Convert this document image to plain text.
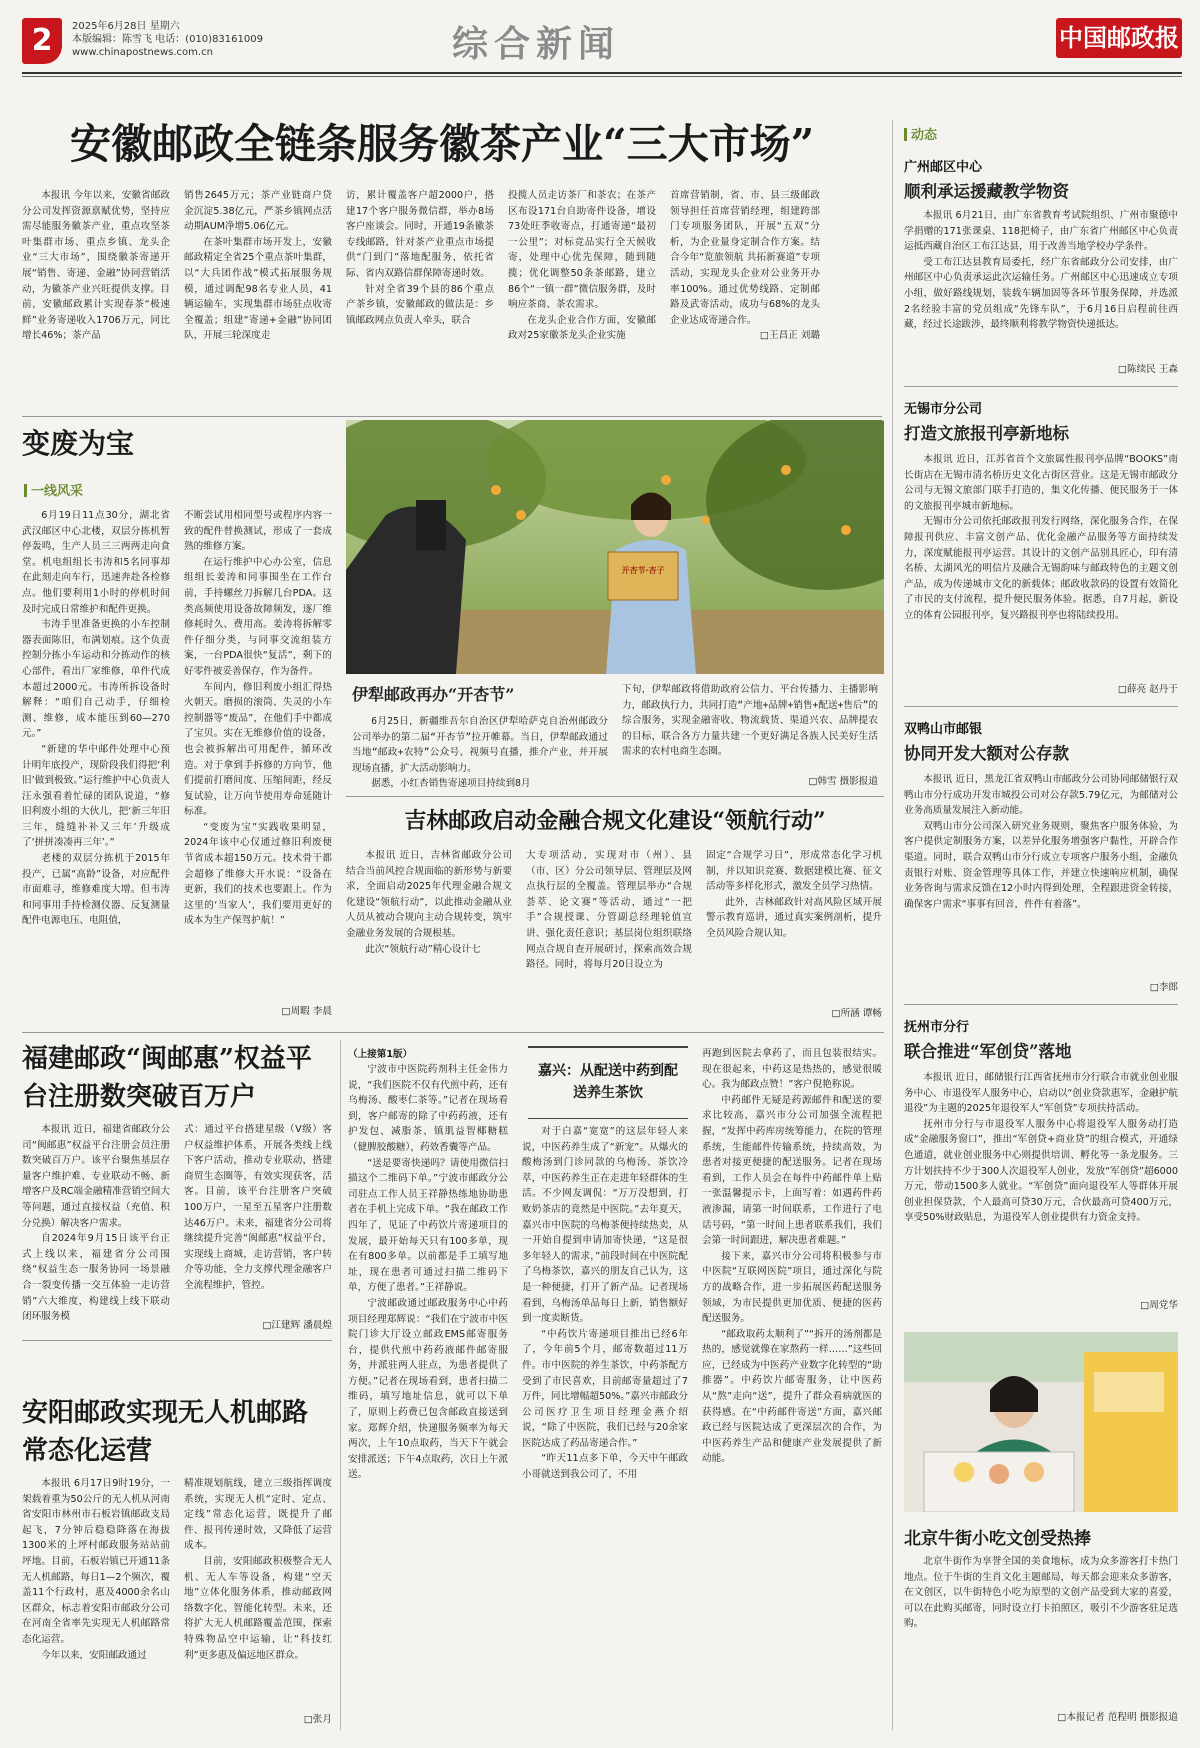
2	2025年6月28日 星期六
本版编辑：陈雪飞 电话：(010)83161009
www.chinapostnews.com.cn	综合新闻	中国邮政报
安徽邮政全链条服务徽茶产业“三大市场”

本报讯 今年以来，安徽省邮政分公司发挥资源禀赋优势，坚持应需尽能服务徽茶产业，重点攻坚茶叶集群市场、重点乡镇、龙头企业“三大市场”，围绕徽茶寄递开展“销售、寄递、金融”协同营销活动，为徽茶产业兴旺提供支撑。目前，安徽邮政累计实现春茶“极速鲜”业务寄递收入1706万元，同比增长46%；茶产品

销售2645万元；茶产业链商户贷金沉淀5.38亿元，严茶乡镇网点活动期AUM净增5.06亿元。

在茶叶集群市场开发上，安徽邮政精定全省25个重点茶叶集群，以“大兵团作战”模式拓展服务规模，通过调配98名专业人员，41辆运输车，实现集群市场驻点收寄全覆盖；组建“寄递+金融”协同团队，开展三轮深度走

访，累计覆盖客户超2000户，搭建17个客户服务微信群，举办8场客户座谈会。同时，开通19条徽茶专线邮路，针对茶产业重点市场提供“门到门”落地配服务，依托省际、省内双路信群保障寄递时效。

针对全省39个县的86个重点产茶乡镇，安徽邮政的做法是：乡镇邮政网点负责人牵头，联合

投揽人员走访茶厂和茶农；在茶产区布设171台自助寄件设备，增设73处旺季收寄点，打通寄递“最初一公里”；对标竞品实行全天候收寄，处理中心优先保障，随到随揽；优化调整50条茶邮路，建立86个“一镇一群”微信服务群，及时响应茶商、茶农需求。

在龙头企业合作方面，安徽邮政对25家徽茶龙头企业实施

首席营销制，省、市、县三级邮政领导担任首席营销经理，组建跨部门专项服务团队，开展“五双”分析，为企业量身定制合作方案。结合今年“览旅领航 共拓新赛道”专项活动，实现龙头企业对公业务开办率100%。通过优势线路、定制邮路及武寄活动，成功与68%的龙头企业达成寄递合作。

□王昌正 刘璐
变废为宝
一线风采

6月19日11点30分，湖北省武汉邮区中心北楼，双层分拣机暂停轰鸣，生产人员三三两两走向食堂。机电组组长韦涛和5名同事却在此刻走向车行，迅速奔赴各检修点。他们要利用1小时的停机时间及时完成日常维护和配件更换。

韦涛手里准备更换的小车控制器表面陈旧，布满划痕。这个负责控制分拣小车运动和分拣动作的核心部件，看出厂家维修，单件代成本超过2000元。韦涛所拆设备时解释：“咱们自己动手，仔细检测、维修，成本能压到60—270元。”

“新建的华中邮件处理中心预计明年底投产，现阶段我们得把‘利旧’做到极致。”运行维护中心负责人汪永强看着忙碌的团队说道，“修旧利废小组的大伙儿，把‘新三年旧三年，缝缝补补又三年’升级成了‘拼拼凑凑再三年’。”

老楼的双层分拣机于2015年投产，已属“高龄”设备，对应配件市面难寻，维修难度大增。但韦涛和同事用手持检测仪器、反复测量配件电源电压、电阻值，

不断尝试用相同型号或程序内容一致的配件替换测试，形成了一套成熟的维修方案。

在运行维护中心办公室，信息组组长姜涛和同事围坐在工作台前，手持螺丝刀拆解几台PDA。这类高频使用设备故障频发，逐厂维修耗时久、费用高。姜涛将拆解零件仔细分类，与同事交流组装方案，一台PDA很快“复活”，剩下的好零件被妥善保存，作为备件。

车间内，修旧利废小组汇得热火朝天。磨损的滚筒、失灵的小车控制器等“废品”，在他们手中都成了宝贝。实在无维修价值的设备，也会被拆解出可用配件，循环改造。对于拿到手拆修的方向节，他们提前打磨间度、压缩间距，经反复试验，让万向节使用寿命延随计标准。

“变废为宝”实践收果明显，2024年该中心仅通过修旧利废便节省成本超150万元。技术骨干都会超修了维修大开水说：“设备在更新，我们的技术也要跟上。作为这里的‘当家人’，我们要用更好的成本为生产保驾护航！”

□周暇 李晨
开杏节·杏子
伊犁邮政再办“开杏节”

6月25日，新疆维吾尔自治区伊犁哈萨克自治州邮政分公司举办的第二届“开杏节”拉开帷幕。当日，伊犁邮政通过当地“邮政+农特”公众号、视频号直播，推介产业，并开展现场直播，扩大活动影响力。

据悉，小红杏销售寄递项目持续到8月

下旬，伊犁邮政将借助政府公信力、平台传播力、主播影响力，邮政执行力，共同打造“产地+品牌+销售+配送+售后”的综合服务，实现金融寄收、物流载货、渠道兴农、品牌提农的目标，联合各方力量共建一个更好满足各族人民美好生活需求的农村电商生态圈。

□韩雪 摄影报道
吉林邮政启动金融合规文化建设“领航行动”

本报讯 近日，吉林省邮政分公司结合当前风控合规面临的新形势与新要求，全面启动2025年代理金融合规文化建设“领航行动”，以此推动金融从业人员从被动合规向主动合规转变，筑牢金融业务发展的合规根基。

此次“领航行动”精心设计七

大专项活动，实现对市（州）、县（市、区）分公司领导层、管理层及网点执行层的全覆盖。管理层举办“合规荟萃、论文赛”等活动，通过“一把手”合规授课、分管副总经理轮值宣讲、强化责任意识；基层岗位组织联络网点合规自查开展研讨，探索高效合规路径。同时，将每月20日设立为

固定“合规学习日”，形成常态化学习机制，并以知识竞赛、数据建模比赛、征文活动等多样化形式，激发全员学习热情。

此外，吉林邮政针对高风险区域开展警示教育巡讲，通过真实案例剖析，提升全员风险合规认知。

□所涵 谭畅
福建邮政“闽邮惠”权益平台注册数突破百万户

本报讯 近日，福建省邮政分公司“闽邮惠”权益平台注册会员注册数突破百万户。该平台聚焦基层存量客户维护难、专业联动不畅、新增客户及RC端金融精准营销空间大等问题，通过直接权益（充值、积分兑换）解决客户需求。

自2024年9月15日该平台正式上线以来，福建省分公司围绕“权益生态一服务协同一场景融合一裂变传播一交互体验一走访营销”六大维度，构建线上线下联动闭环服务模

式：通过平台搭建星级（V级）客户权益维护体系，开展各类线上线下客户活动，推动专业联动，搭建商贸生态圈等，有效实现获客，活客。目前，该平台注册客户突破100万户，一星至五星客户注册数达46万户。未来，福建省分公司将继续提升完善“闽邮惠”权益平台，实现线上商城，走访营销，客户转介等功能，全力支撑代理金融客户全流程维护，管控。

□江建辉 潘晨煌
安阳邮政实现无人机邮路常态化运营

本报讯 6月17日9时19分，一架载着重为50公斤的无人机从河南省安阳市林州市石板岩镇邮政支局起飞，7分钟后稳稳降落在海拔1300米的上坪村邮政服务站站前坪地。目前，石板岩镇已开通11条无人机邮路，每日1—2个频次，覆盖11个行政村，惠及4000余名山区群众，标志着安阳市邮政分公司在河南全省率先实现无人机邮路常态化运营。

今年以来，安阳邮政通过

精准规划航线，建立三级指挥调度系统，实现无人机“定时、定点、定线”常态化运营，既提升了邮件、报刊传递时效，又降低了运营成本。

目前，安阳邮政积极整合无人机、无人车等设备，构建“空天地”立体化服务体系，推动邮政网络数字化、智能化转型。未来，还将扩大无人机邮路覆盖范围，探索特殊物品空中运输，让“科技红利”更多惠及偏远地区群众。

□张月
（上接第1版）

宁波市中医院药剂科主任金伟力说，“我们医院不仅有代煎中药，还有乌梅汤、酸枣仁茶等。”记者在现场看到，客户邮寄的除了中药药液，还有护发包、减脂茶、镇肌益智椰糖糕（健脾胶酸糖），药效香囊等产品。

“送是要寄快递吗？请使用微信扫描这个二维码下单。”宁波市邮政分公司驻点工作人员王祥静热练地协助患者在手机上完成下单。“我在邮政工作四年了，见证了中药饮片寄递项目的发展，最开始每天只有100多单，现在有800多单。以前都是手工填写地址，现在患者可通过扫描二维码下单，方便了患者。”王祥静说。

宁波邮政通过邮政服务中心中药项目经理郑辉说：“我们在宁波市中医院门诊大厅设立邮政EMS邮寄服务台，提供代煎中药药液邮件邮寄服务，并派驻两人驻点，为患者提供了方便。”记者在现场看到，患者扫描二维码，填写地址信息，就可以下单了，原则上药费已包含邮政直接送到家。郑辉介绍，快递服务频率为每天两次，上午10点取药，当天下午就会安排派送；下午4点取药，次日上午派送。

嘉兴：从配送中药到配送养生茶饮

对于白嘉“宽宽”的这层年轻人来说，中医药养生成了“新宠”。从爆火的酸梅汤到门诊同款的乌梅汤、茶饮冷萃，中医药养生正在走进年轻群体的生活。不少网友调侃：“万万没想到，打败奶茶店的竟然是中医院。”去年夏天，嘉兴市中医院的乌梅茶便持续热卖，从一开始自提到申请加寄快递，“这是很多年轻人的需求，”前段时间在中医院配了乌梅茶饮，嘉兴的朋友自己认为，这是一种便捷，打开了新产品。记者现场看到，乌梅汤单品每日上新，销售额好到一度卖断货。

“中药饮片寄递项目推出已经6年了，今年前5个月，邮寄数超过11万件。市中医院的养生茶饮，中药茶配方受到了市民喜欢，目前邮寄量超过了7万件，同比增幅超50%。”嘉兴市邮政分公司医疗卫生项目经理金燕介绍说，“除了中医院，我们已经与20余家医院达成了药品寄递合作。”

“昨天11点多下单，今天中午邮政小哥就送到我公司了，不用

再跑到医院去拿药了，而且包装很结实。现在很起来，中药这是热热的，感觉很暖心。我为邮政点赞！”客户倪艳称说。

中药邮件无疑是药源邮件和配送的要求比较高，嘉兴市分公司加强全流程把握，“发挥中药库房统筹能力，在院的管理系统，生能邮件传输系统，持续高效，为患者对接更便捷的配送服务。记者在现场看到，工作人员会在每件中药邮件单上贴一张温馨提示卡，上面写着：如遇药件药液渗漏，请第一时间联系，工作进行了电话号码，“第一时间上患者联系我们，我们会第一时间跟进，解决患者难题。”

接下来，嘉兴市分公司将积极参与市中医院“互联网医院”项目，通过深化与院方的战略合作，进一步拓展医药配送服务领域，为市民提供更加优质、便捷的医药配送服务。

“邮政取药太顺利了”“拆开的汤剂都是热的，感觉就像在家熬药一样……”这些回应，已经成为中医药产业数字化转型的“助推器”。中药饮片邮寄服务，让中医药从“熬”走向“送”，提升了群众看病就医的获得感。在“中药邮件寄送”方面，嘉兴邮政已经与医院达成了更深层次的合作，为中医药养生产品和健康产业发展提供了新动能。

动态
广州邮区中心
顺利承运援藏教学物资

本报讯 6月21日，由广东省教育考试院组织、广州市聚德中学捐赠的171张课桌、118把椅子，由广东省广州邮区中心负责运抵西藏自治区工布江达县，用于改善当地学校办学条件。

受工布江达县教育局委托，经广东省邮政分公司安排，由广州邮区中心负责承运此次运输任务。广州邮区中心迅速成立专项小组，做好路线规划，装载车辆加固等各环节服务保障，并选派2名经验丰富的党员组成“先锋车队”，于6月16日启程前往西藏，经过长途跋涉，最终顺利将教学物资快递抵达。

□陈续民 王森
无锡市分公司
打造文旅报刊亭新地标

本报讯 近日，江苏省首个文旅属性报刊亭品牌“BOOKS”南长街店在无锡市清名桥历史文化古街区营业。这是无锡市邮政分公司与无锡文旅部门联手打造的，集文化传播、便民服务于一体的文旅报刊亭城市新地标。

无锡市分公司依托邮政报刊发行网络，深化服务合作，在保障报刊供应、丰富文创产品、优化金融产品服务等方面持续发力，深度赋能报刊亭运营。其设计的文创产品别具匠心，印有清名桥、太湖风光的明信片及融合无锡韵味与邮政特色的主题文创产品，成为传递城市文化的新载体；邮政收款码的设置有效简化了市民的支付流程，提升便民服务体验。据悉，自7月起，新设立的体育公园报刊亭，复兴路报刊亭也将陆续投用。

□薛亮 赵丹于
双鸭山市邮银
协同开发大额对公存款

本报讯 近日，黑龙江省双鸭山市邮政分公司协同邮储银行双鸭山市分行成功开发市城投公司对公存款5.79亿元，为邮储对公业务高质量发展注入新动能。

双鸭山市分公司深入研究业务规则，聚焦客户服务体验，为客户提供定制服务方案，以差异化服务增强客户黏性，开辟合作渠道。同时，联合双鸭山市分行成立专项客户服务小组，金融负责银行对账、资金管理等具体工作，并建立快速响应机制，确保业务咨询与需求反馈在12小时内得到处理，全程跟进资金转接，确保客户需求“事事有回音，件件有着落”。

□李郎
抚州市分行
联合推进“军创贷”落地

本报讯 近日，邮储银行江西省抚州市分行联合市就业创业服务中心、市退役军人服务中心，启动以“创业贷款惠军，金融护航退役”为主题的2025年退役军人“军创贷”专项扶持活动。

抚州市分行与市退役军人服务中心将退役军人服务动打造成“金融服务窗口”，推出“军创贷+商业贷”的组合模式，开通绿色通道，就业创业服务中心则提供培训、孵化等一条龙服务。三方计划扶持不少于300人次退役军人创业，发放“军创贷”超6000万元，带动1500多人就业。“军创贷”面向退役军人等群体开展创业担保贷款，个人最高可贷30万元，合伙最高可贷400万元，享受50%财政贴息，为退役军人创业提供有力资金支持。

□周党华
北京牛街小吃文创受热捧

北京牛街作为享誉全国的美食地标，成为众多游客打卡热门地点。位于牛街的生肖文化主题邮局，每天都会迎来众多游客，在文创区，以牛街特色小吃为原型的文创产品受到大家的喜爱，可以在此购买邮寄，同时设立打卡拍照区，吸引不少游客驻足选购。

□本报记者 范程明 摄影报道
